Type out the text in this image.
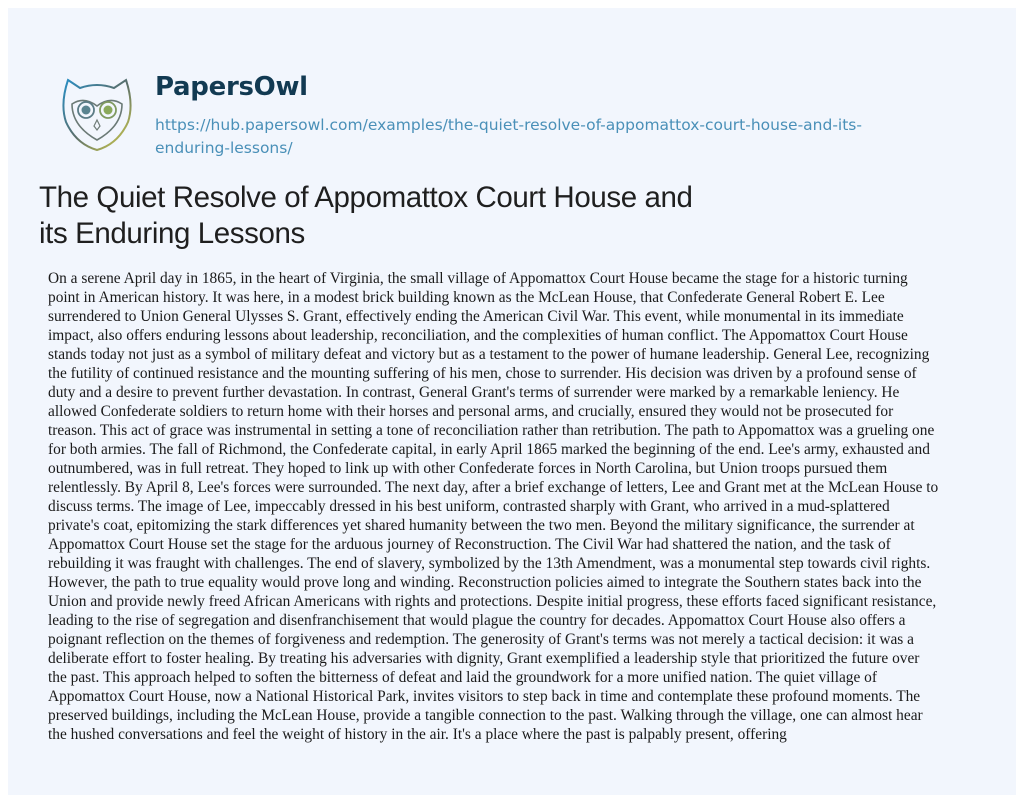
PapersOwl
https://hub.papersowl.com/examples/the-quiet-resolve-of-appomattox-court-house-and-its-
enduring-lessons/
The Quiet Resolve of Appomattox Court House and
its Enduring Lessons
On a serene April day in 1865, in the heart of Virginia, the small village of Appomattox Court House became the stage for a historic turning
point in American history. It was here, in a modest brick building known as the McLean House, that Confederate General Robert E. Lee
surrendered to Union General Ulysses S. Grant, effectively ending the American Civil War. This event, while monumental in its immediate
impact, also offers enduring lessons about leadership, reconciliation, and the complexities of human conflict. The Appomattox Court House
stands today not just as a symbol of military defeat and victory but as a testament to the power of humane leadership. General Lee, recognizing
the futility of continued resistance and the mounting suffering of his men, chose to surrender. His decision was driven by a profound sense of
duty and a desire to prevent further devastation. In contrast, General Grant's terms of surrender were marked by a remarkable leniency. He
allowed Confederate soldiers to return home with their horses and personal arms, and crucially, ensured they would not be prosecuted for
treason. This act of grace was instrumental in setting a tone of reconciliation rather than retribution. The path to Appomattox was a grueling one
for both armies. The fall of Richmond, the Confederate capital, in early April 1865 marked the beginning of the end. Lee's army, exhausted and
outnumbered, was in full retreat. They hoped to link up with other Confederate forces in North Carolina, but Union troops pursued them
relentlessly. By April 8, Lee's forces were surrounded. The next day, after a brief exchange of letters, Lee and Grant met at the McLean House to
discuss terms. The image of Lee, impeccably dressed in his best uniform, contrasted sharply with Grant, who arrived in a mud-splattered
private's coat, epitomizing the stark differences yet shared humanity between the two men. Beyond the military significance, the surrender at
Appomattox Court House set the stage for the arduous journey of Reconstruction. The Civil War had shattered the nation, and the task of
rebuilding it was fraught with challenges. The end of slavery, symbolized by the 13th Amendment, was a monumental step towards civil rights.
However, the path to true equality would prove long and winding. Reconstruction policies aimed to integrate the Southern states back into the
Union and provide newly freed African Americans with rights and protections. Despite initial progress, these efforts faced significant resistance,
leading to the rise of segregation and disenfranchisement that would plague the country for decades. Appomattox Court House also offers a
poignant reflection on the themes of forgiveness and redemption. The generosity of Grant's terms was not merely a tactical decision: it was a
deliberate effort to foster healing. By treating his adversaries with dignity, Grant exemplified a leadership style that prioritized the future over
the past. This approach helped to soften the bitterness of defeat and laid the groundwork for a more unified nation. The quiet village of
Appomattox Court House, now a National Historical Park, invites visitors to step back in time and contemplate these profound moments. The
preserved buildings, including the McLean House, provide a tangible connection to the past. Walking through the village, one can almost hear
the hushed conversations and feel the weight of history in the air. It's a place where the past is palpably present, offering
